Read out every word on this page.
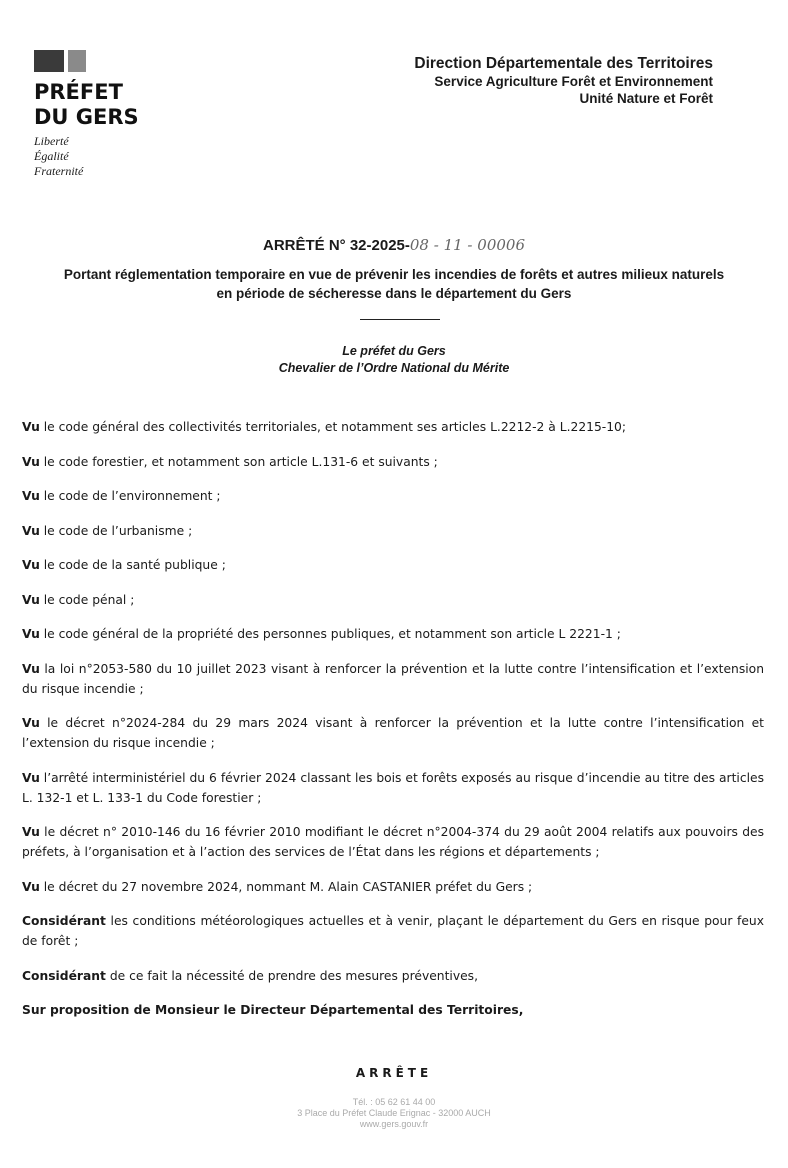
PRÉFET
DU GERS
Liberté
Égalité
Fraternité
Direction Départementale des Territoires
Service Agriculture Forêt et Environnement
Unité Nature et Forêt
ARRÊTÉ N° 32-2025-08 - 11 - 00006
Portant réglementation temporaire en vue de prévenir les incendies de forêts et autres milieux naturels en période de sécheresse dans le département du Gers
Le préfet du Gers
Chevalier de l’Ordre National du Mérite

Vu le code général des collectivités territoriales, et notamment ses articles L.2212-2 à L.2215-10;

Vu le code forestier, et notamment son article L.131-6 et suivants ;

Vu le code de l’environnement ;

Vu le code de l’urbanisme ;

Vu le code de la santé publique ;

Vu le code pénal ;

Vu le code général de la propriété des personnes publiques, et notamment son article L 2221-1 ;

Vu la loi n°2053-580 du 10 juillet 2023 visant à renforcer la prévention et la lutte contre l’intensification et l’extension du risque incendie ;

Vu le décret n°2024-284 du 29 mars 2024 visant à renforcer la prévention et la lutte contre l’intensification et l’extension du risque incendie ;

Vu l’arrêté interministériel du 6 février 2024 classant les bois et forêts exposés au risque d’incendie au titre des articles L. 132-1 et L. 133-1 du Code forestier ;

Vu le décret n° 2010-146 du 16 février 2010 modifiant le décret n°2004-374 du 29 août 2004 relatifs aux pouvoirs des préfets, à l’organisation et à l’action des services de l’État dans les régions et départements ;

Vu le décret du 27 novembre 2024, nommant M. Alain CASTANIER préfet du Gers ;

Considérant les conditions météorologiques actuelles et à venir, plaçant le département du Gers en risque pour feux de forêt ;

Considérant de ce fait la nécessité de prendre des mesures préventives,

Sur proposition de Monsieur le Directeur Départemental des Territoires,

ARRÊTE
Tél. : 05 62 61 44 00
3 Place du Préfet Claude Erignac - 32000 AUCH
www.gers.gouv.fr
